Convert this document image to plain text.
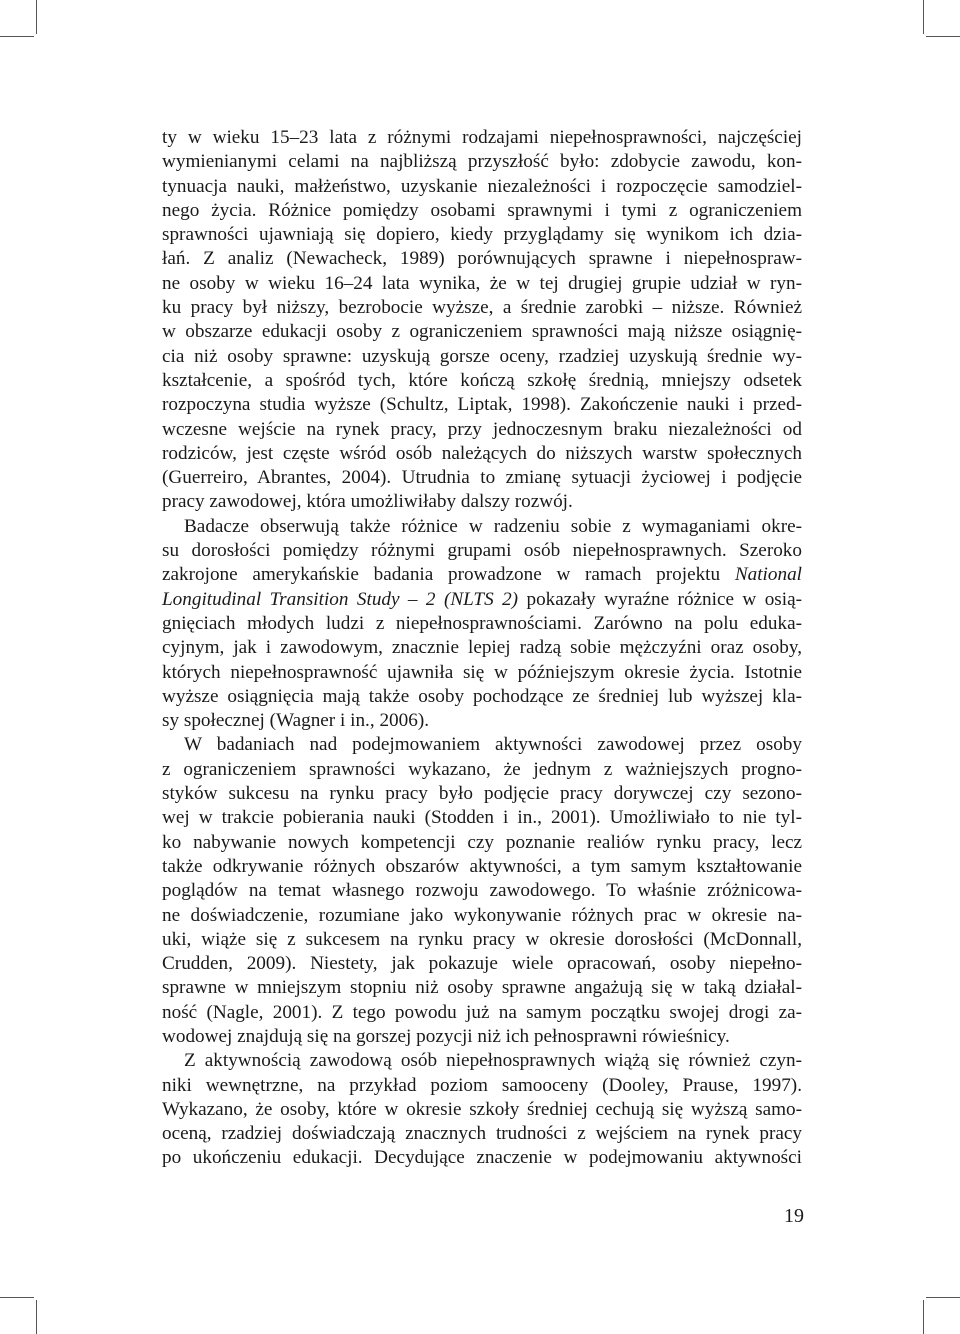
ty w wieku 15–23 lata z różnymi rodzajami niepełnosprawności, najczęściej
wymienianymi celami na najbliższą przyszłość było: zdobycie zawodu, kon-
tynuacja nauki, małżeństwo, uzyskanie niezależności i rozpoczęcie samodziel-
nego życia. Różnice pomiędzy osobami sprawnymi i tymi z ograniczeniem
sprawności ujawniają się dopiero, kiedy przyglądamy się wynikom ich dzia-
łań. Z analiz (Newacheck, 1989) porównujących sprawne i niepełnospraw-
ne osoby w wieku 16–24 lata wynika, że w tej drugiej grupie udział w ryn-
ku pracy był niższy, bezrobocie wyższe, a średnie zarobki – niższe. Również
w obszarze edukacji osoby z ograniczeniem sprawności mają niższe osiągnię-
cia niż osoby sprawne: uzyskują gorsze oceny, rzadziej uzyskują średnie wy-
kształcenie, a spośród tych, które kończą szkołę średnią, mniejszy odsetek
rozpoczyna studia wyższe (Schultz, Liptak, 1998). Zakończenie nauki i przed-
wczesne wejście na rynek pracy, przy jednoczesnym braku niezależności od
rodziców, jest częste wśród osób należących do niższych warstw społecznych
(Guerreiro, Abrantes, 2004). Utrudnia to zmianę sytuacji życiowej i podjęcie
pracy zawodowej, która umożliwiłaby dalszy rozwój.
Badacze obserwują także różnice w radzeniu sobie z wymaganiami okre-
su dorosłości pomiędzy różnymi grupami osób niepełnosprawnych. Szeroko
zakrojone amerykańskie badania prowadzone w ramach projektu National
Longitudinal Transition Study – 2 (NLTS 2) pokazały wyraźne różnice w osią-
gnięciach młodych ludzi z niepełnosprawnościami. Zarówno na polu eduka-
cyjnym, jak i zawodowym, znacznie lepiej radzą sobie mężczyźni oraz osoby,
których niepełnosprawność ujawniła się w późniejszym okresie życia. Istotnie
wyższe osiągnięcia mają także osoby pochodzące ze średniej lub wyższej kla-
sy społecznej (Wagner i in., 2006).
W badaniach nad podejmowaniem aktywności zawodowej przez osoby
z ograniczeniem sprawności wykazano, że jednym z ważniejszych progno-
styków sukcesu na rynku pracy było podjęcie pracy dorywczej czy sezono-
wej w trakcie pobierania nauki (Stodden i in., 2001). Umożliwiało to nie tyl-
ko nabywanie nowych kompetencji czy poznanie realiów rynku pracy, lecz
także odkrywanie różnych obszarów aktywności, a tym samym kształtowanie
poglądów na temat własnego rozwoju zawodowego. To właśnie zróżnicowa-
ne doświadczenie, rozumiane jako wykonywanie różnych prac w okresie na-
uki, wiąże się z sukcesem na rynku pracy w okresie dorosłości (McDonnall,
Crudden, 2009). Niestety, jak pokazuje wiele opracowań, osoby niepełno-
sprawne w mniejszym stopniu niż osoby sprawne angażują się w taką działal-
ność (Nagle, 2001). Z tego powodu już na samym początku swojej drogi za-
wodowej znajdują się na gorszej pozycji niż ich pełnosprawni rówieśnicy.
Z aktywnością zawodową osób niepełnosprawnych wiążą się również czyn-
niki wewnętrzne, na przykład poziom samooceny (Dooley, Prause, 1997).
Wykazano, że osoby, które w okresie szkoły średniej cechują się wyższą samo-
oceną, rzadziej doświadczają znacznych trudności z wejściem na rynek pracy
po ukończeniu edukacji. Decydujące znaczenie w podejmowaniu aktywności
19
